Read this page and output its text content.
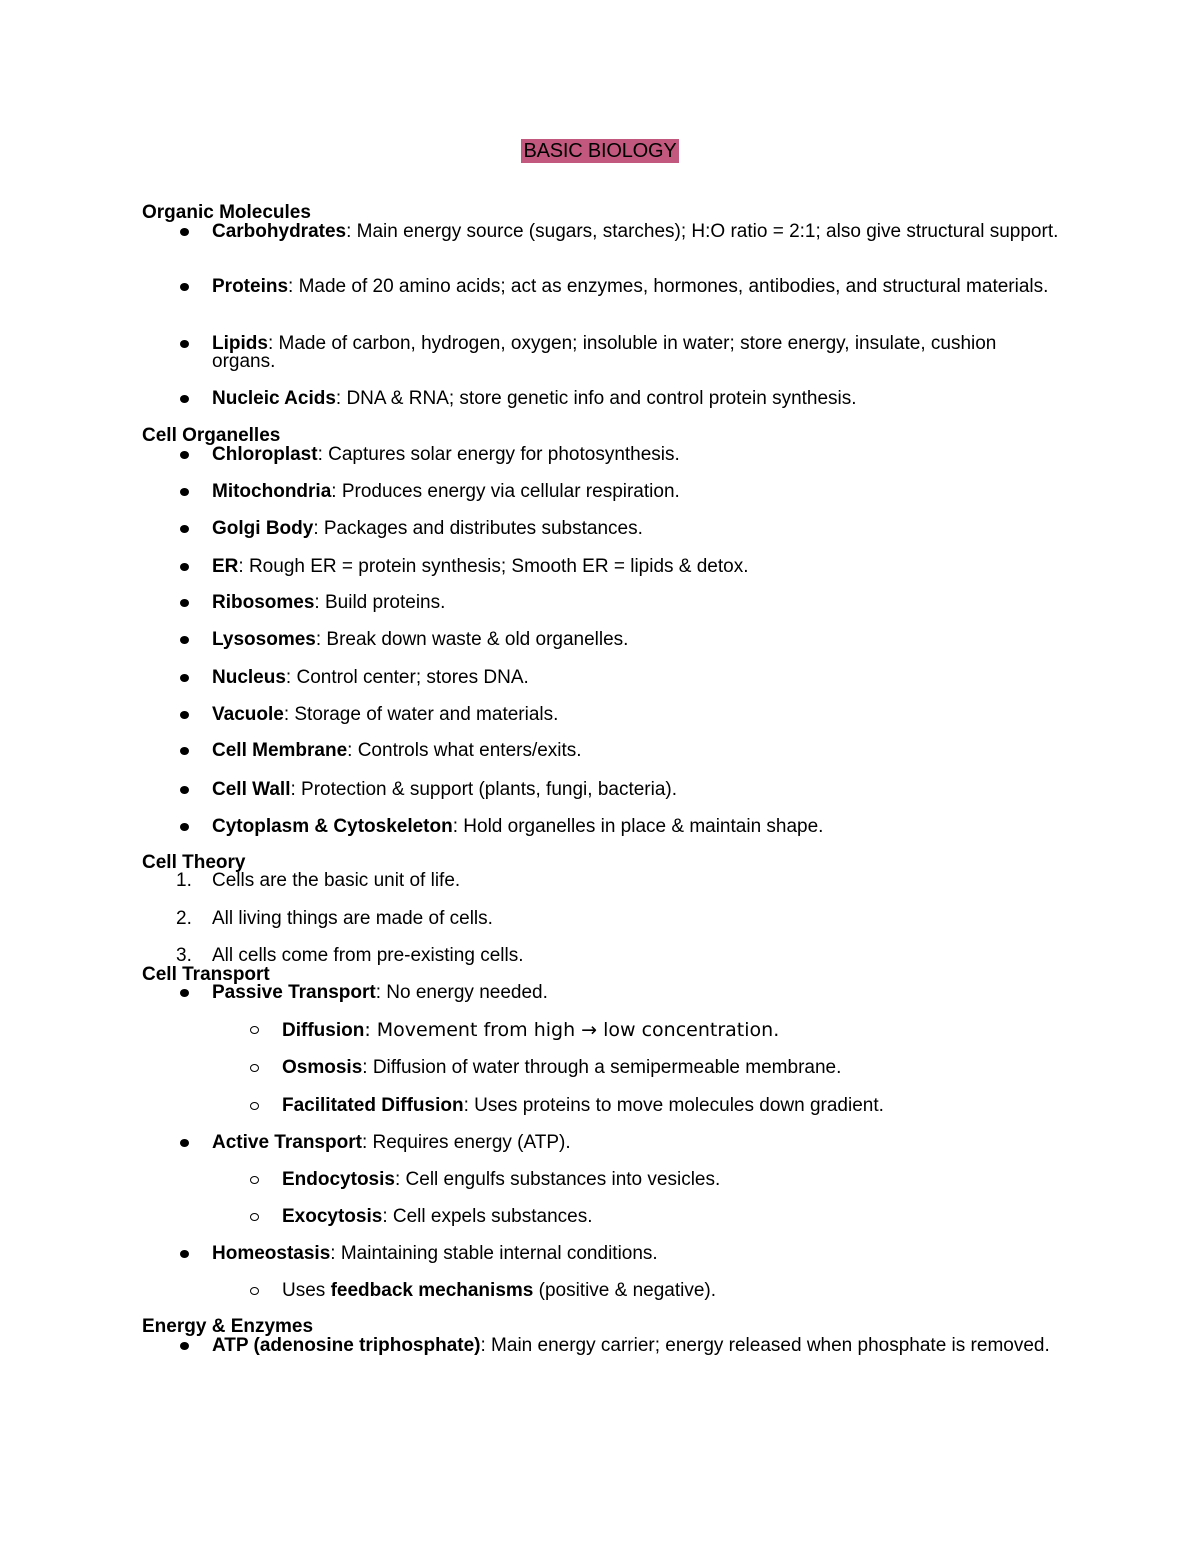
BASIC BIOLOGY
Organic Molecules
Carbohydrates: Main energy source (sugars, starches); H:O ratio = 2:1; also give structural support.
Proteins: Made of 20 amino acids; act as enzymes, hormones, antibodies, and structural materials.
Lipids: Made of carbon, hydrogen, oxygen; insoluble in water; store energy, insulate, cushion organs.
Nucleic Acids: DNA & RNA; store genetic info and control protein synthesis.
Cell Organelles
Chloroplast: Captures solar energy for photosynthesis.
Mitochondria: Produces energy via cellular respiration.
Golgi Body: Packages and distributes substances.
ER: Rough ER = protein synthesis; Smooth ER = lipids & detox.
Ribosomes: Build proteins.
Lysosomes: Break down waste & old organelles.
Nucleus: Control center; stores DNA.
Vacuole: Storage of water and materials.
Cell Membrane: Controls what enters/exits.
Cell Wall: Protection & support (plants, fungi, bacteria).
Cytoplasm & Cytoskeleton: Hold organelles in place & maintain shape.
Cell Theory
1.	Cells are the basic unit of life.
2.	All living things are made of cells.
3.	All cells come from pre-existing cells.
Cell Transport
Passive Transport: No energy needed.
Diffusion: Movement from high → low concentration.
Osmosis: Diffusion of water through a semipermeable membrane.
Facilitated Diffusion: Uses proteins to move molecules down gradient.
Active Transport: Requires energy (ATP).
Endocytosis: Cell engulfs substances into vesicles.
Exocytosis: Cell expels substances.
Homeostasis: Maintaining stable internal conditions.
Uses feedback mechanisms (positive & negative).
Energy & Enzymes
ATP (adenosine triphosphate): Main energy carrier; energy released when phosphate is removed.
